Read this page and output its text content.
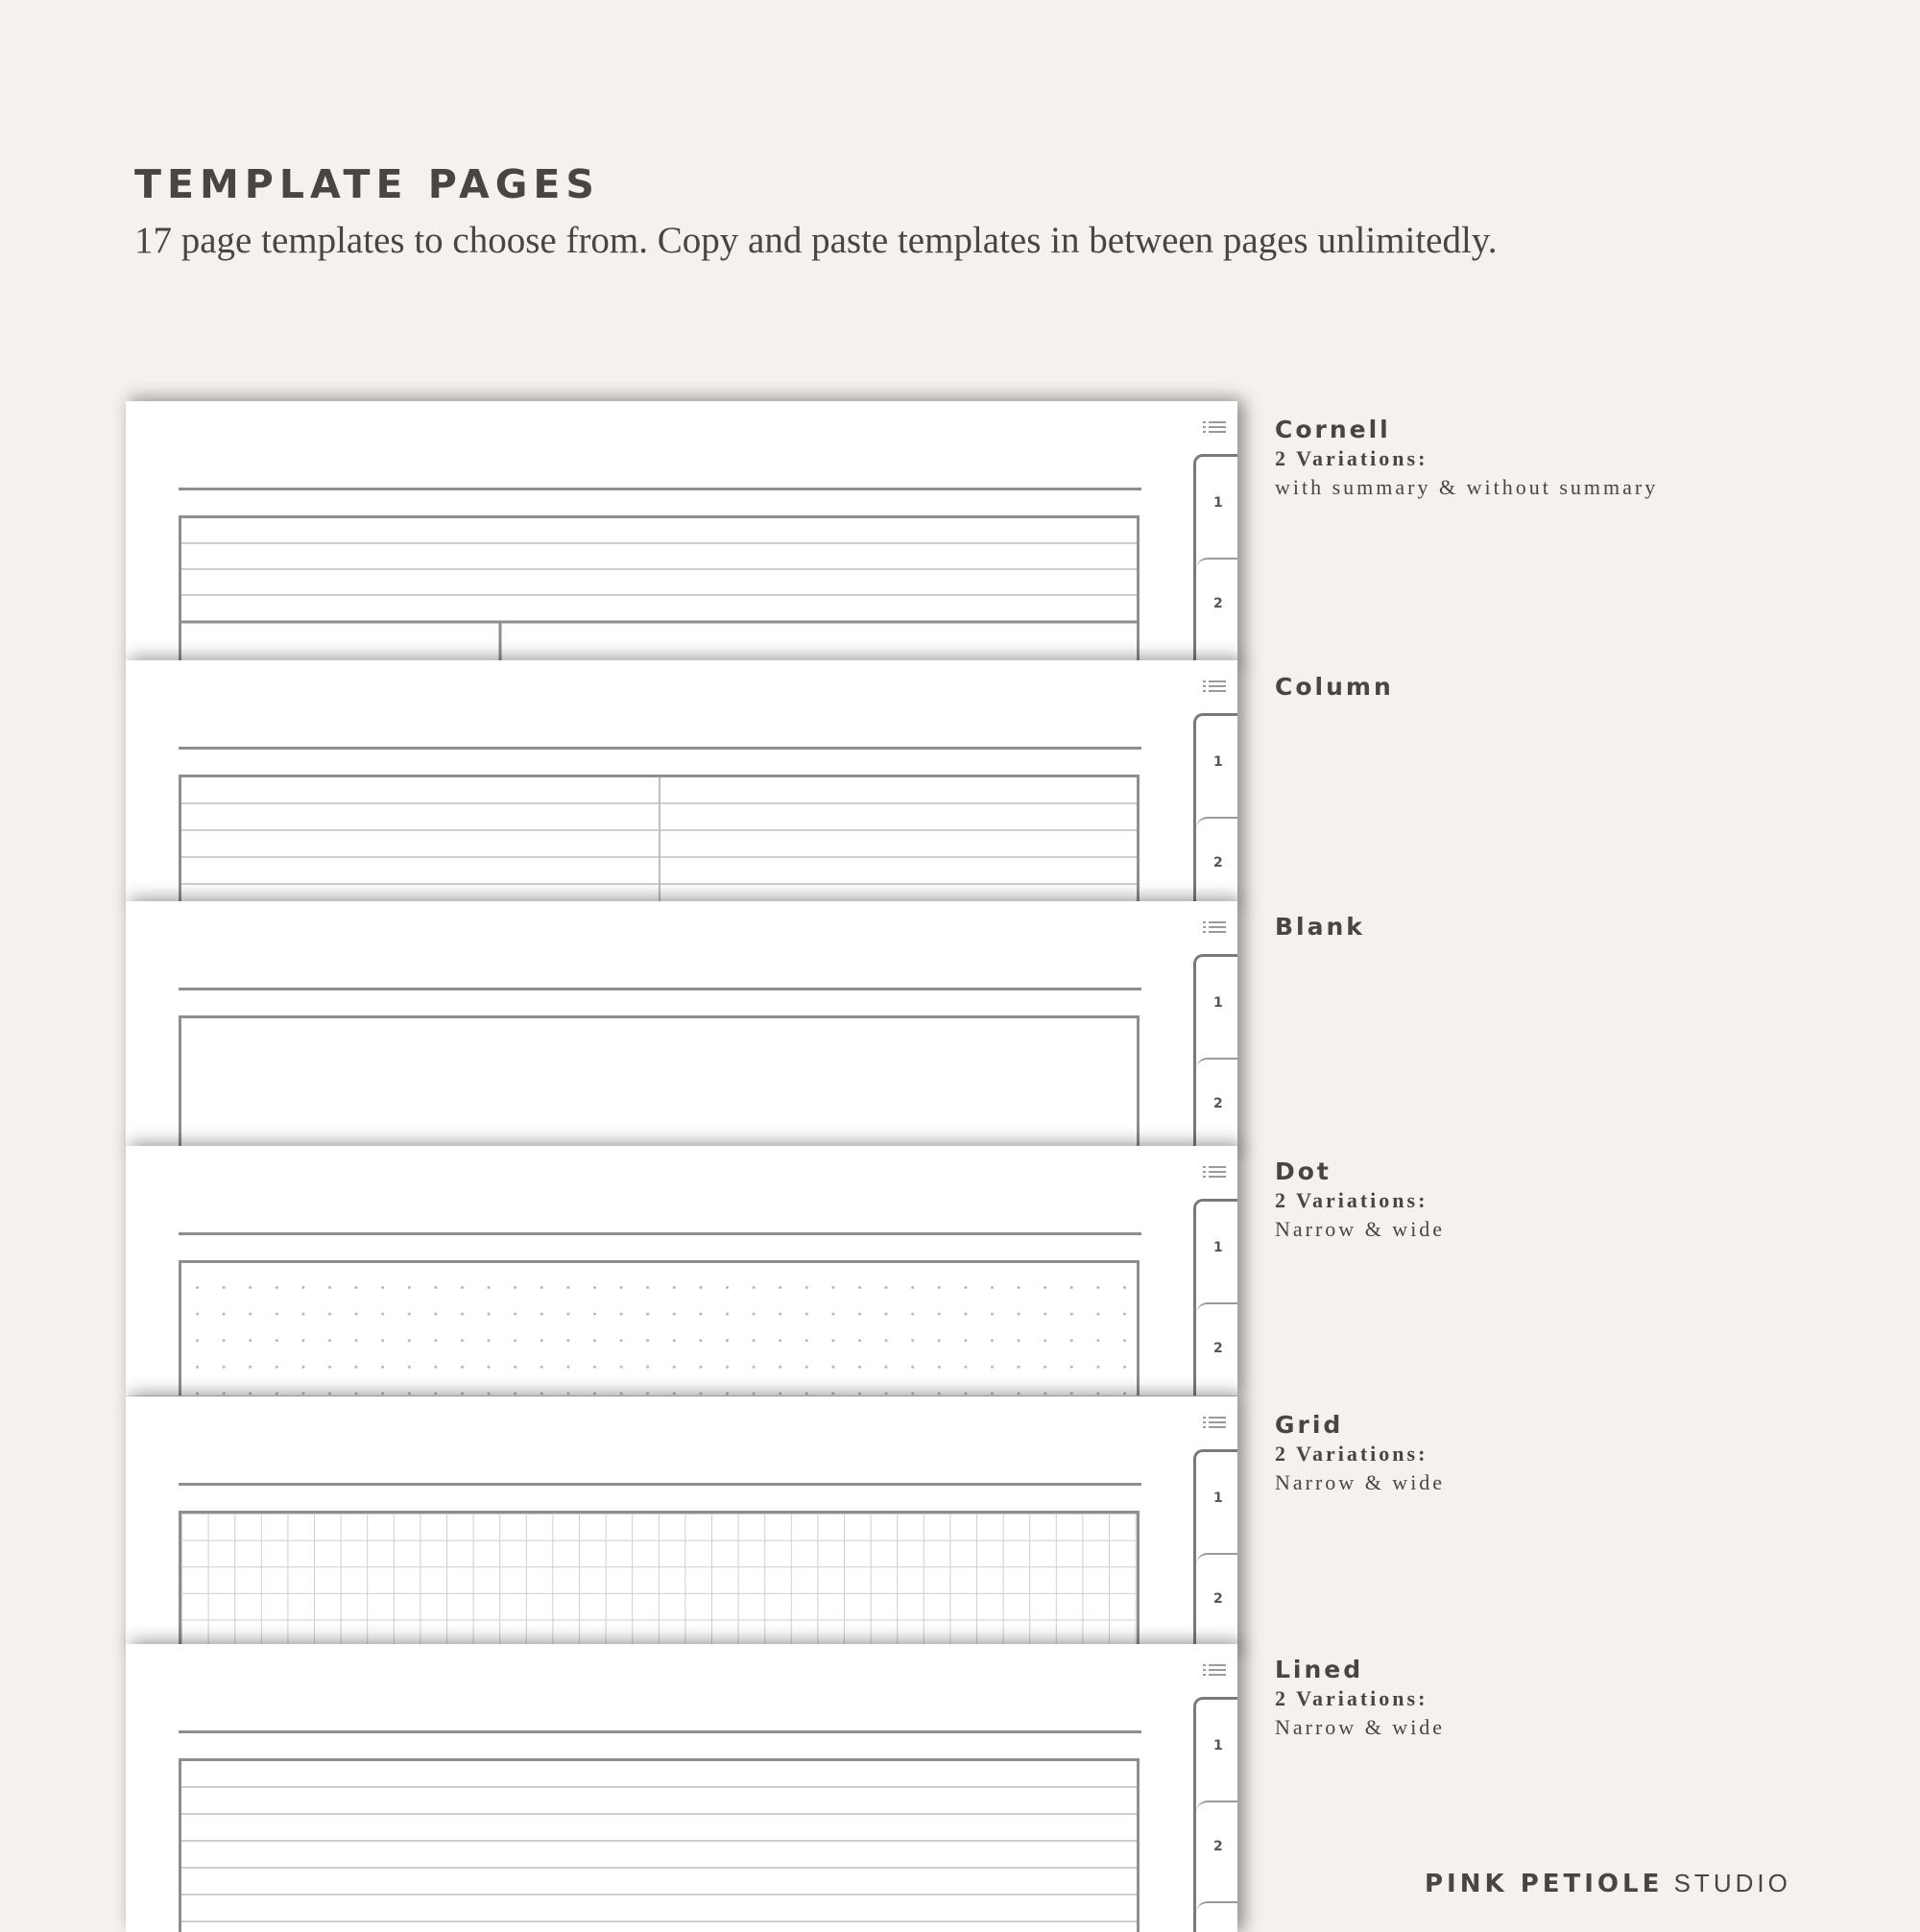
TEMPLATE PAGES

17 page templates to choose from. Copy and paste templates in between pages unlimitedly.

1
2
1
2
1
2
1
2
1
2
1
2
Cornell
2 Variations:
with summary & without summary
Column
Blank
Dot
2 Variations:
Narrow & wide
Grid
2 Variations:
Narrow & wide
Lined
2 Variations:
Narrow & wide
PINK PETIOLE STUDIO
